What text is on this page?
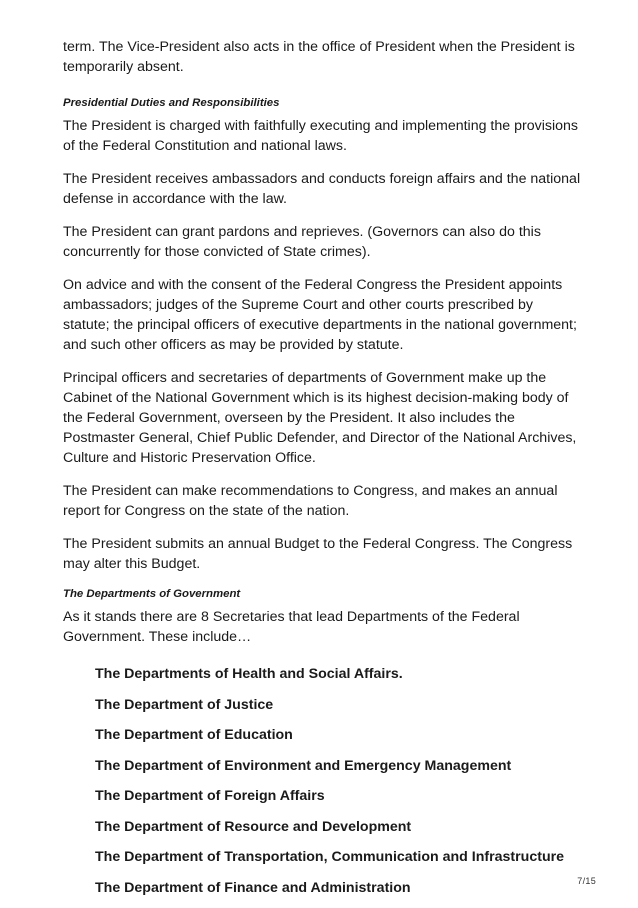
term. The Vice-President also acts in the office of President when the President is temporarily absent.

Presidential Duties and Responsibilities

The President is charged with faithfully executing and implementing the provisions of the Federal Constitution and national laws.

The President receives ambassadors and conducts foreign affairs and the national defense in accordance with the law.

The President can grant pardons and reprieves. (Governors can also do this concurrently for those convicted of State crimes).

On advice and with the consent of the Federal Congress the President appoints ambassadors; judges of the Supreme Court and other courts prescribed by statute; the principal officers of executive departments in the national government; and such other officers as may be provided by statute.

Principal officers and secretaries of departments of Government make up the Cabinet of the National Government which is its highest decision-making body of the Federal Government, overseen by the President. It also includes the Postmaster General, Chief Public Defender, and Director of the National Archives, Culture and Historic Preservation Office.

The President can make recommendations to Congress, and makes an annual report for Congress on the state of the nation.

The President submits an annual Budget to the Federal Congress. The Congress may alter this Budget.

The Departments of Government

As it stands there are 8 Secretaries that lead Departments of the Federal Government. These include…

The Departments of Health and Social Affairs.
The Department of Justice
The Department of Education
The Department of Environment and Emergency Management
The Department of Foreign Affairs
The Department of Resource and Development
The Department of Transportation, Communication and Infrastructure
The Department of Finance and Administration	7/15
